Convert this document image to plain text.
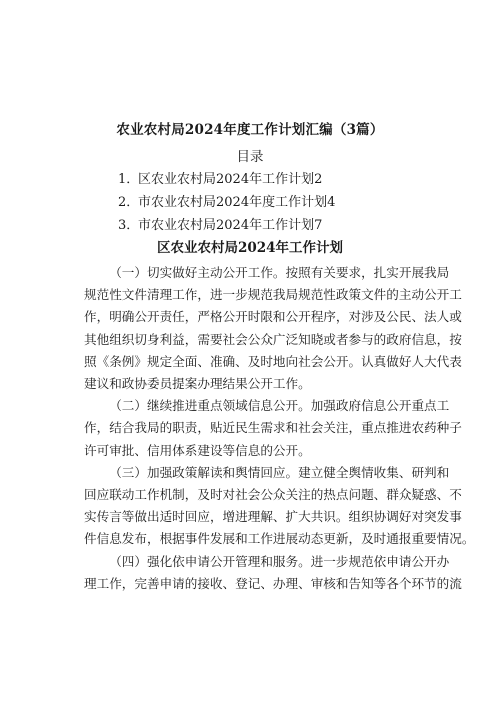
农业农村局2024年度工作计划汇编（3篇）
目录
1．区农业农村局2024年工作计划2
2．市农业农村局2024年度工作计划4
3．市农业农村局2024年工作计划7
区农业农村局2024年工作计划

（一）切实做好主动公开工作。按照有关要求，扎实开展我局
规范性文件清理工作，进一步规范我局规范性政策文件的主动公开工
作，明确公开责任，严格公开时限和公开程序，对涉及公民、法人或
其他组织切身利益，需要社会公众广泛知晓或者参与的政府信息，按
照《条例》规定全面、准确、及时地向社会公开。认真做好人大代表
建议和政协委员提案办理结果公开工作。

（二）继续推进重点领域信息公开。加强政府信息公开重点工
作，结合我局的职责，贴近民生需求和社会关注，重点推进农药种子
许可审批、信用体系建设等信息的公开。

（三）加强政策解读和舆情回应。建立健全舆情收集、研判和
回应联动工作机制，及时对社会公众关注的热点问题、群众疑惑、不
实传言等做出适时回应，增进理解、扩大共识。组织协调好对突发事
件信息发布，根据事件发展和工作进展动态更新，及时通报重要情况。

（四）强化依申请公开管理和服务。进一步规范依申请公开办
理工作，完善申请的接收、登记、办理、审核和告知等各个环节的流
